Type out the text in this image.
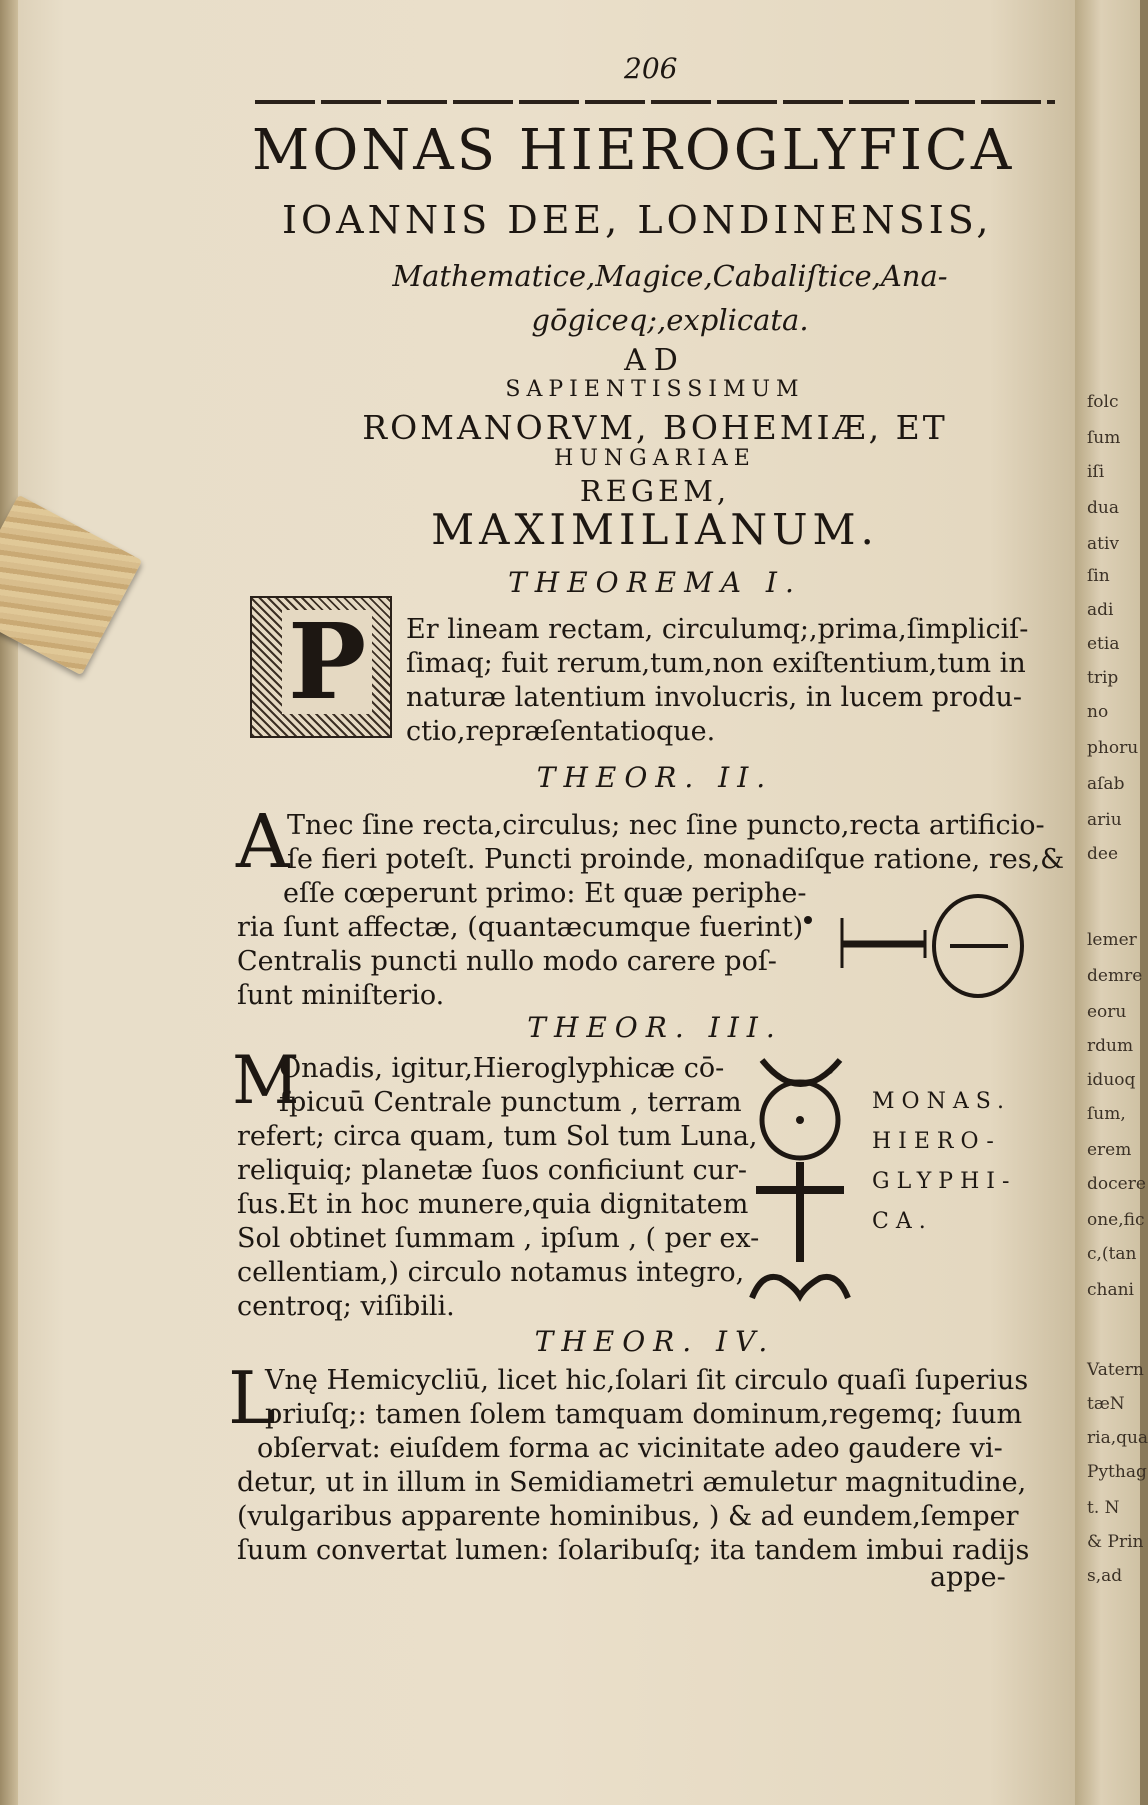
206
MONAS HIEROGLYFICA
IOANNIS DEE, LONDINENSIS,
Mathematice,Magice,Cabaliſtice,Ana-
gōgiceq;,explicata.
AD
SAPIENTISSIMUM
ROMANORVM, BOHEMIÆ, ET
HUNGARIAE
REGEM,
MAXIMILIANUM.
THEOREMA I.
P Er lineam rectam, circulumq;,prima,ſimpliciſ-
ſimaq; fuit rerum,tum,non exiſtentium,tum in
naturæ latentium involucris, in lucem produ-
ctio,repræſentatioque.
THEOR. II.
A
Tnec ſine recta,circulus; nec ſine puncto,recta artificio-
ſe fieri poteſt. Puncti proinde, monadiſque ratione, res,&
eſſe cœperunt primo: Et quæ periphe-
ria ſunt affectæ, (quantæcumque fuerint)
Centralis puncti nullo modo carere poſ-
ſunt miniſterio.
THEOR. III.
M
Onadis, igitur,Hieroglyphicæ cō-
ſpicuū Centrale punctum , terram
refert; circa quam, tum Sol tum Luna,
reliquiq; planetæ ſuos conficiunt cur-
ſus.Et in hoc munere,quia dignitatem
Sol obtinet ſummam , ipſum , ( per ex-
cellentiam,) circulo notamus integro,
centroq; viſibili.
MONAS.
HIERO-
GLYPHI-
CA.
THEOR. IV.
L
Vnę Hemicycliū, licet hic,ſolari ſit circulo quaſi ſuperius
priuſq;: tamen ſolem tamquam dominum,regemq; ſuum
obſervat: eiuſdem forma ac vicinitate adeo gaudere vi-
detur, ut in illum in Semidiametri æmuletur magnitudine,
(vulgaribus apparente hominibus, ) & ad eundem,ſemper
ſuum convertat lumen: ſolaribuſq; ita tandem imbui radijs
appe-
folc
ſum
iſi
dua
ativ
ſin
adi
etia
trip
no
phoru
aſab
ariu
dee
lemer
demre
eoru
rdum
iduoq
ſum,
erem
docere
one,fic
c,(tan
chani
Vatern
tæN
ria,qua
Pythag
t. N
& Prin
s,ad
